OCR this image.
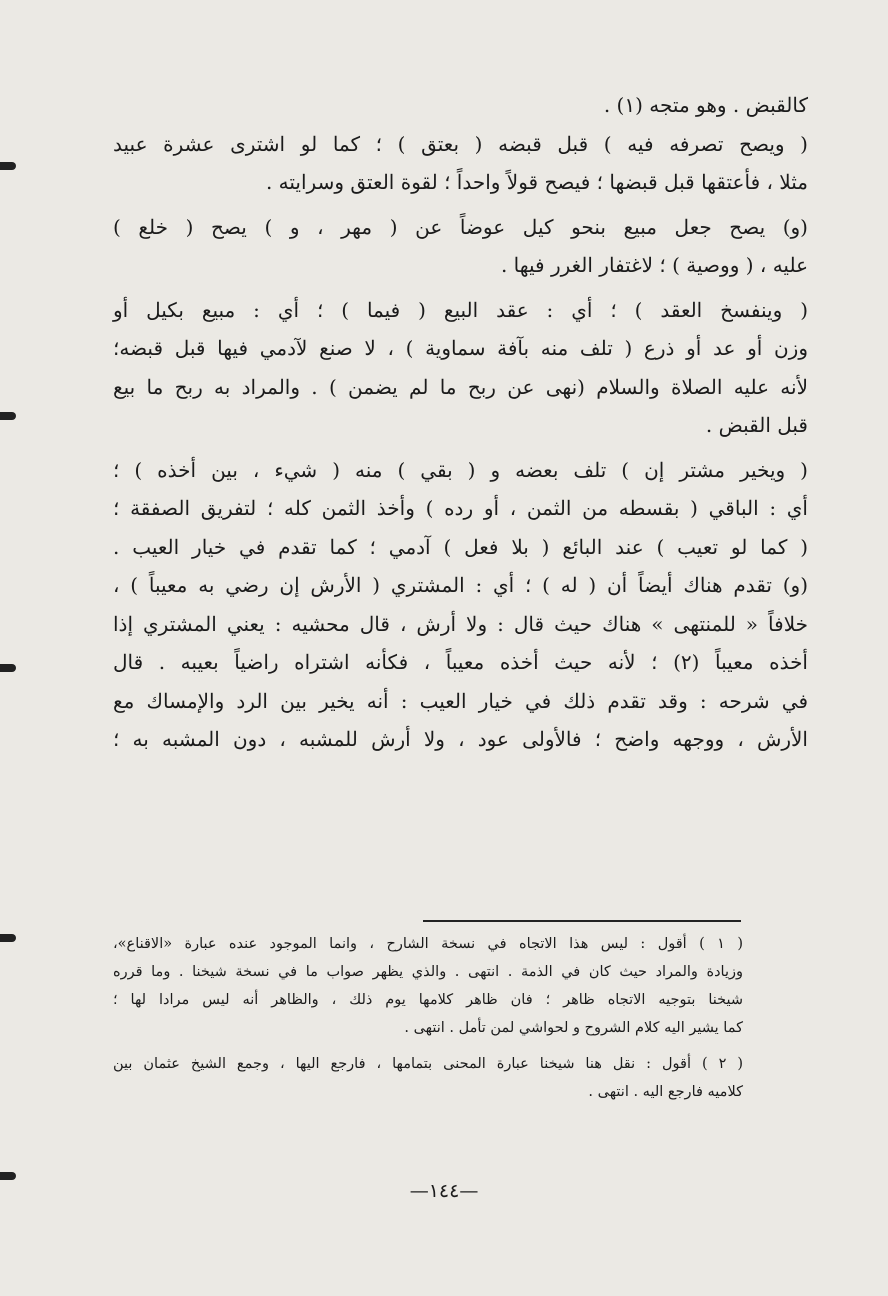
كالقبض . وهو متجه (١) .
( ويصح تصرفه فيه ) قبل قبضه ( بعتق ) ؛ كما لو اشترى عشرة عبيد
مثلا ، فأعتقها قبل قبضها ؛ فيصح قولاً واحداً ؛ لقوة العتق وسرايته .
(و) يصح جعل مبيع بنحو كيل عوضاً عن ( مهر ، و ) يصح ( خلع )
عليه ، ( ووصية ) ؛ لاغتفار الغرر فيها .
( وينفسخ العقد ) ؛ أي : عقد البيع ( فيما ) ؛ أي : مبيع بكيل أو
وزن أو عد أو ذرع ( تلف منه بآفة سماوية ) ، لا صنع لآدمي فيها قبل قبضه؛
لأنه عليه الصلاة والسلام (نهى عن ربح ما لم يضمن ) . والمراد به ربح ما بيع
قبل القبض .
( ويخير مشتر إن ) تلف بعضه و ( بقي ) منه ( شيء ، بين أخذه ) ؛
أي : الباقي ( بقسطه من الثمن ، أو رده ) وأخذ الثمن كله ؛ لتفريق الصفقة ؛
( كما لو تعيب ) عند البائع ( بلا فعل ) آدمي ؛ كما تقدم في خيار العيب .
(و) تقدم هناك أيضاً أن ( له ) ؛ أي : المشتري ( الأرش إن رضي به معيباً ) ،
خلافاً « للمنتهى » هناك حيث قال : ولا أرش ، قال محشيه : يعني المشتري إذا
أخذه معيباً (٢) ؛ لأنه حيث أخذه معيباً ، فكأنه اشتراه راضياً بعيبه . قال
في شرحه : وقد تقدم ذلك في خيار العيب : أنه يخير بين الرد والإمساك مع
الأرش ، ووجهه واضح ؛ فالأولى عود ، ولا أرش للمشبه ، دون المشبه به ؛
( ١ ) أقول : ليس هذا الاتجاه في نسخة الشارح ، وانما الموجود عنده عبارة «الاقناع»،
وزيادة والمراد حيث كان في الذمة . انتهى . والذي يظهر صواب ما في نسخة شيخنا . وما قرره
شيخنا بتوجيه الاتجاه ظاهر ؛ فان ظاهر كلامها يوم ذلك ، والظاهر أنه ليس مرادا لها ؛
كما يشير اليه كلام الشروح و لحواشي لمن تأمل . انتهى .
( ٢ ) أقول : نقل هنا شيخنا عبارة المحنى بتمامها ، فارجع اليها ، وجمع الشيخ عثمان بين
كلاميه فارجع اليه . انتهى .
—١٤٤—
